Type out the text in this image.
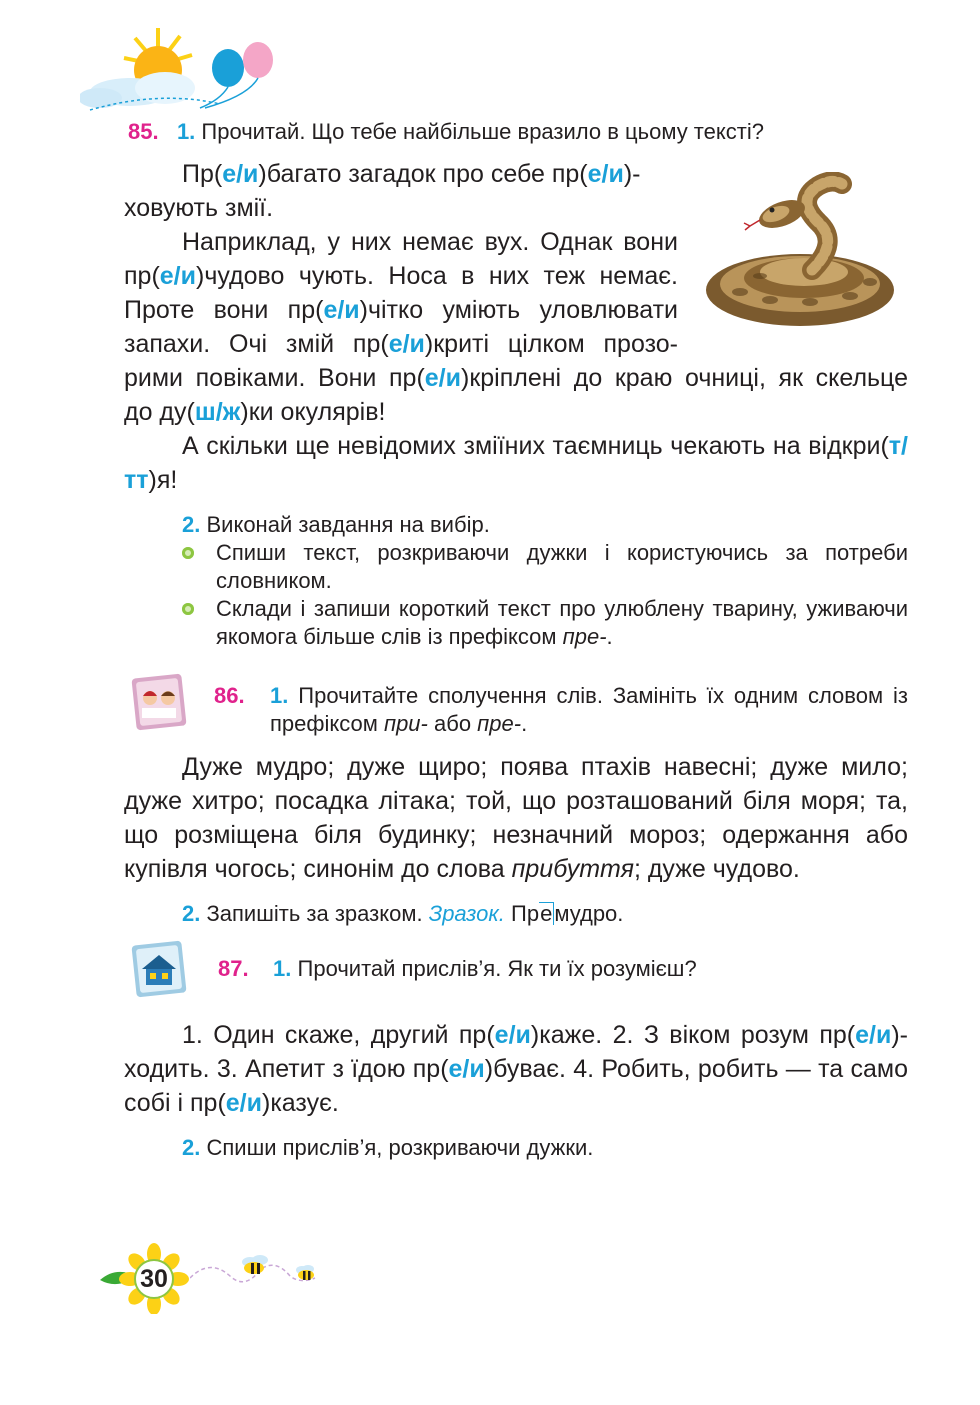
85. 1. Прочитай. Що тебе найбільше вразило в цьому тексті?

Пр(е/и)багато загадок про себе пр(е/и)-

ховують змії.

Наприклад, у них немає вух. Однак вони

пр(е/и)чудово чують. Носа в них теж немає.

Проте вони пр(е/и)чітко уміють уловлювати

запахи. Очі змій пр(е/и)криті цілком прозо-

рими повіками. Вони пр(е/и)кріплені до краю очниці, як скельце

до ду(ш/ж)ки окулярів!

А скільки ще невідомих зміїних таємниць чекають на відкри(т/тт)я!

2. Виконай завдання на вибір.

Спиши текст, розкриваючи дужки і користуючись за потреби словником.

Склади і запиши короткий текст про улюблену тварину, уживаючи якомога більше слів із префіксом пре-.

86. 1. Прочитайте сполучення слів. Замініть їх одним словом із префіксом при- або пре-.

Дуже мудро; дуже щиро; поява птахів навесні; дуже мило; дуже хитро; посадка літака; той, що розташований біля моря; та, що розміщена біля будинку; незначний мороз; одержання або купівля чогось; синонім до слова прибуття; дуже чудово.

2. Запишіть за зразком. Зразок. Премудро.
87. 1. Прочитай прислів’я. Як ти їх розумієш?

1. Один скаже, другий пр(е/и)каже. 2. З віком розум пр(е/и)ходить. 3. Апетит з їдою пр(е/и)буває. 4. Робить, робить — та само собі і пр(е/и)казує.

2. Спиши прислів’я, розкриваючи дужки.
30
